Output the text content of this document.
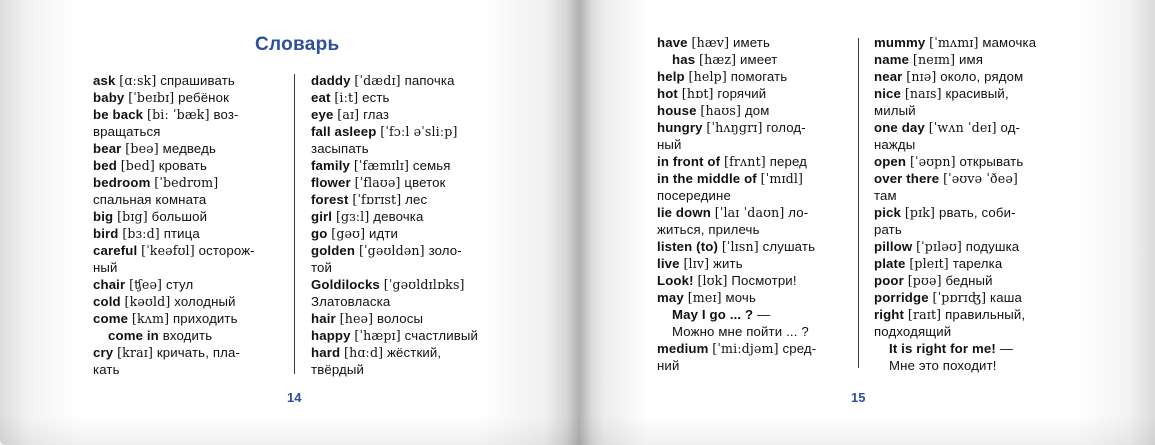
Словарь
ask [ɑːsk] спрашивать
baby [ˈbeɪbɪ] ребёнок
be back [biː ˈbæk] воз-
вращаться
bear [beə] медведь
bed [bed] кровать
bedroom [ˈbedrʊm]
спальная комната
big [bɪg] большой
bird [bɜːd] птица
careful [ˈkeəfʊl] осторож-
ный
chair [ʧeə] стул
cold [kəʊld] холодный
come [kʌm] приходить
come in входить
cry [kraɪ] кричать, пла-
кать
daddy [ˈdædɪ] папочка
eat [iːt] есть
eye [aɪ] глаз
fall asleep [ˈfɔːl əˈsliːp]
засыпать
family [ˈfæmɪlɪ] семья
flower [ˈflaʊə] цветок
forest [ˈfɒrɪst] лес
girl [gɜːl] девочка
go [gəʊ] идти
golden [ˈgəʊldən] золо-
той
Goldilocks [ˈgəʊldɪlɒks]
Златовласка
hair [heə] волосы
happy [ˈhæpɪ] счастливый
hard [hɑːd] жёсткий,
твёрдый
have [hæv] иметь
has [hæz] имеет
help [help] помогать
hot [hɒt] горячий
house [haʊs] дом
hungry [ˈhʌŋgrɪ] голод-
ный
in front of [frʌnt] перед
in the middle of [ˈmɪdl]
посередине
lie down [ˈlaɪ ˈdaʊn] ло-
житься, прилечь
listen (to) [ˈlɪsn] слушать
live [lɪv] жить
Look! [lʊk] Посмотри!
may [meɪ] мочь
May I go ... ? —
Можно мне пойти ... ?
medium [ˈmiːdjəm] сред-
ний
mummy [ˈmʌmɪ] мамочка
name [neɪm] имя
near [nɪə] около, рядом
nice [naɪs] красивый,
милый
one day [ˈwʌn ˈdeɪ] од-
нажды
open [ˈəʊpn] открывать
over there [ˈəʊvə ˈðeə]
там
pick [pɪk] рвать, соби-
рать
pillow [ˈpɪləʊ] подушка
plate [pleɪt] тарелка
poor [pʊə] бедный
porridge [ˈpɒrɪʤ] каша
right [raɪt] правильный,
подходящий
It is right for me! —
Мне это походит!
14	15
